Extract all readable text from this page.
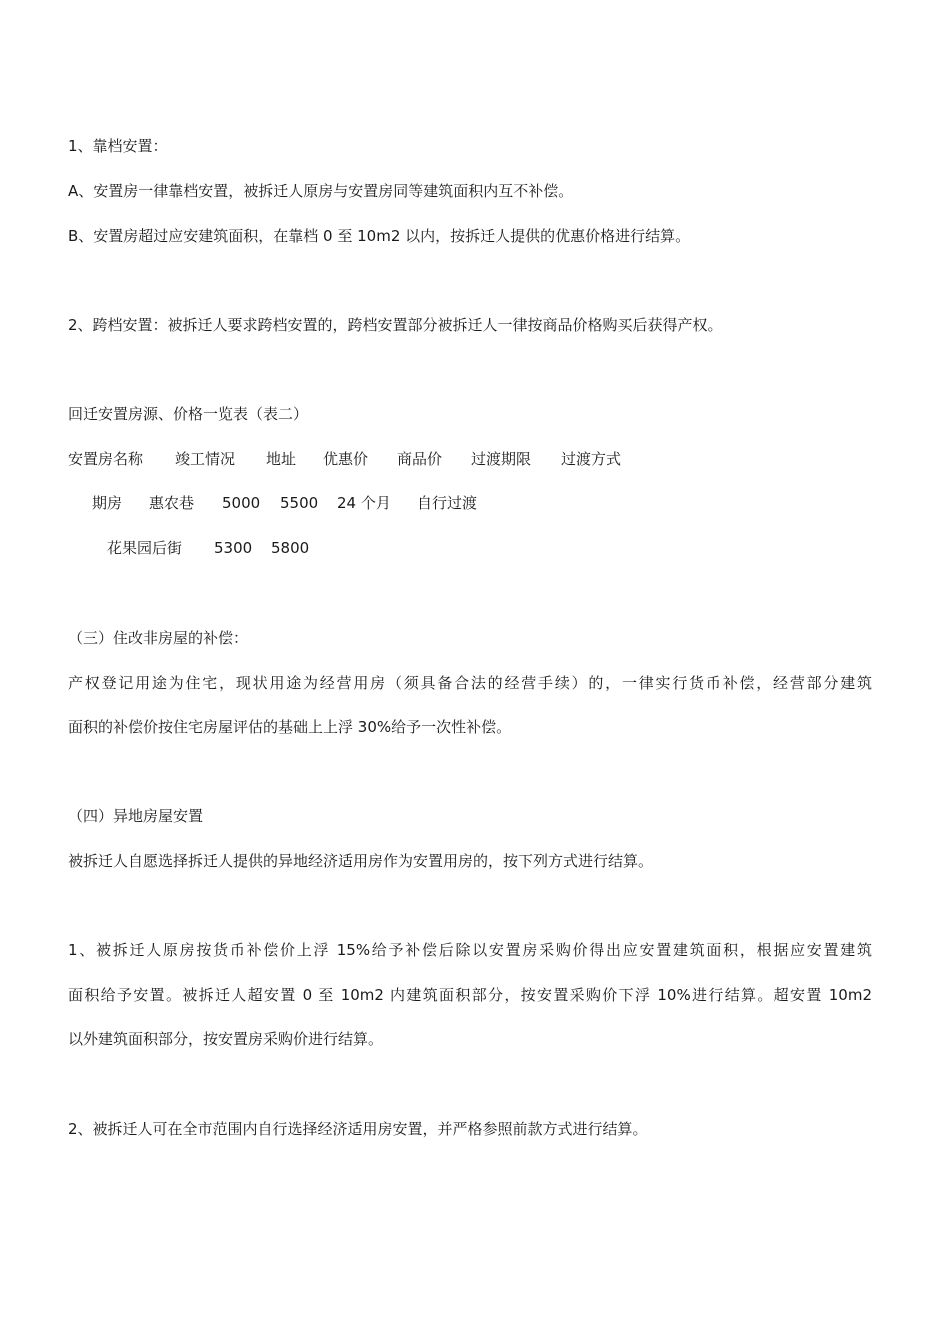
1、靠档安置：
A、安置房一律靠档安置，被拆迁人原房与安置房同等建筑面积内互不补偿。
B、安置房超过应安建筑面积，在靠档 0 至 10m2 以内，按拆迁人提供的优惠价格进行结算。
2、跨档安置：被拆迁人要求跨档安置的，跨档安置部分被拆迁人一律按商品价格购买后获得产权。
回迁安置房源、价格一览表（表二）
安置房名称 竣工情况 地址 优惠价 商品价 过渡期限 过渡方式
期房 惠农巷 5000 5500 24 个月 自行过渡
花果园后街 5300 5800
（三）住改非房屋的补偿：
产权登记用途为住宅，现状用途为经营用房（须具备合法的经营手续）的，一律实行货币补偿，经营部分建筑
面积的补偿价按住宅房屋评估的基础上上浮 30%给予一次性补偿。
（四）异地房屋安置
被拆迁人自愿选择拆迁人提供的异地经济适用房作为安置用房的，按下列方式进行结算。
1、被拆迁人原房按货币补偿价上浮 15%给予补偿后除以安置房采购价得出应安置建筑面积，根据应安置建筑
面积给予安置。被拆迁人超安置 0 至 10m2 内建筑面积部分，按安置采购价下浮 10%进行结算。超安置 10m2
以外建筑面积部分，按安置房采购价进行结算。
2、被拆迁人可在全市范围内自行选择经济适用房安置，并严格参照前款方式进行结算。
